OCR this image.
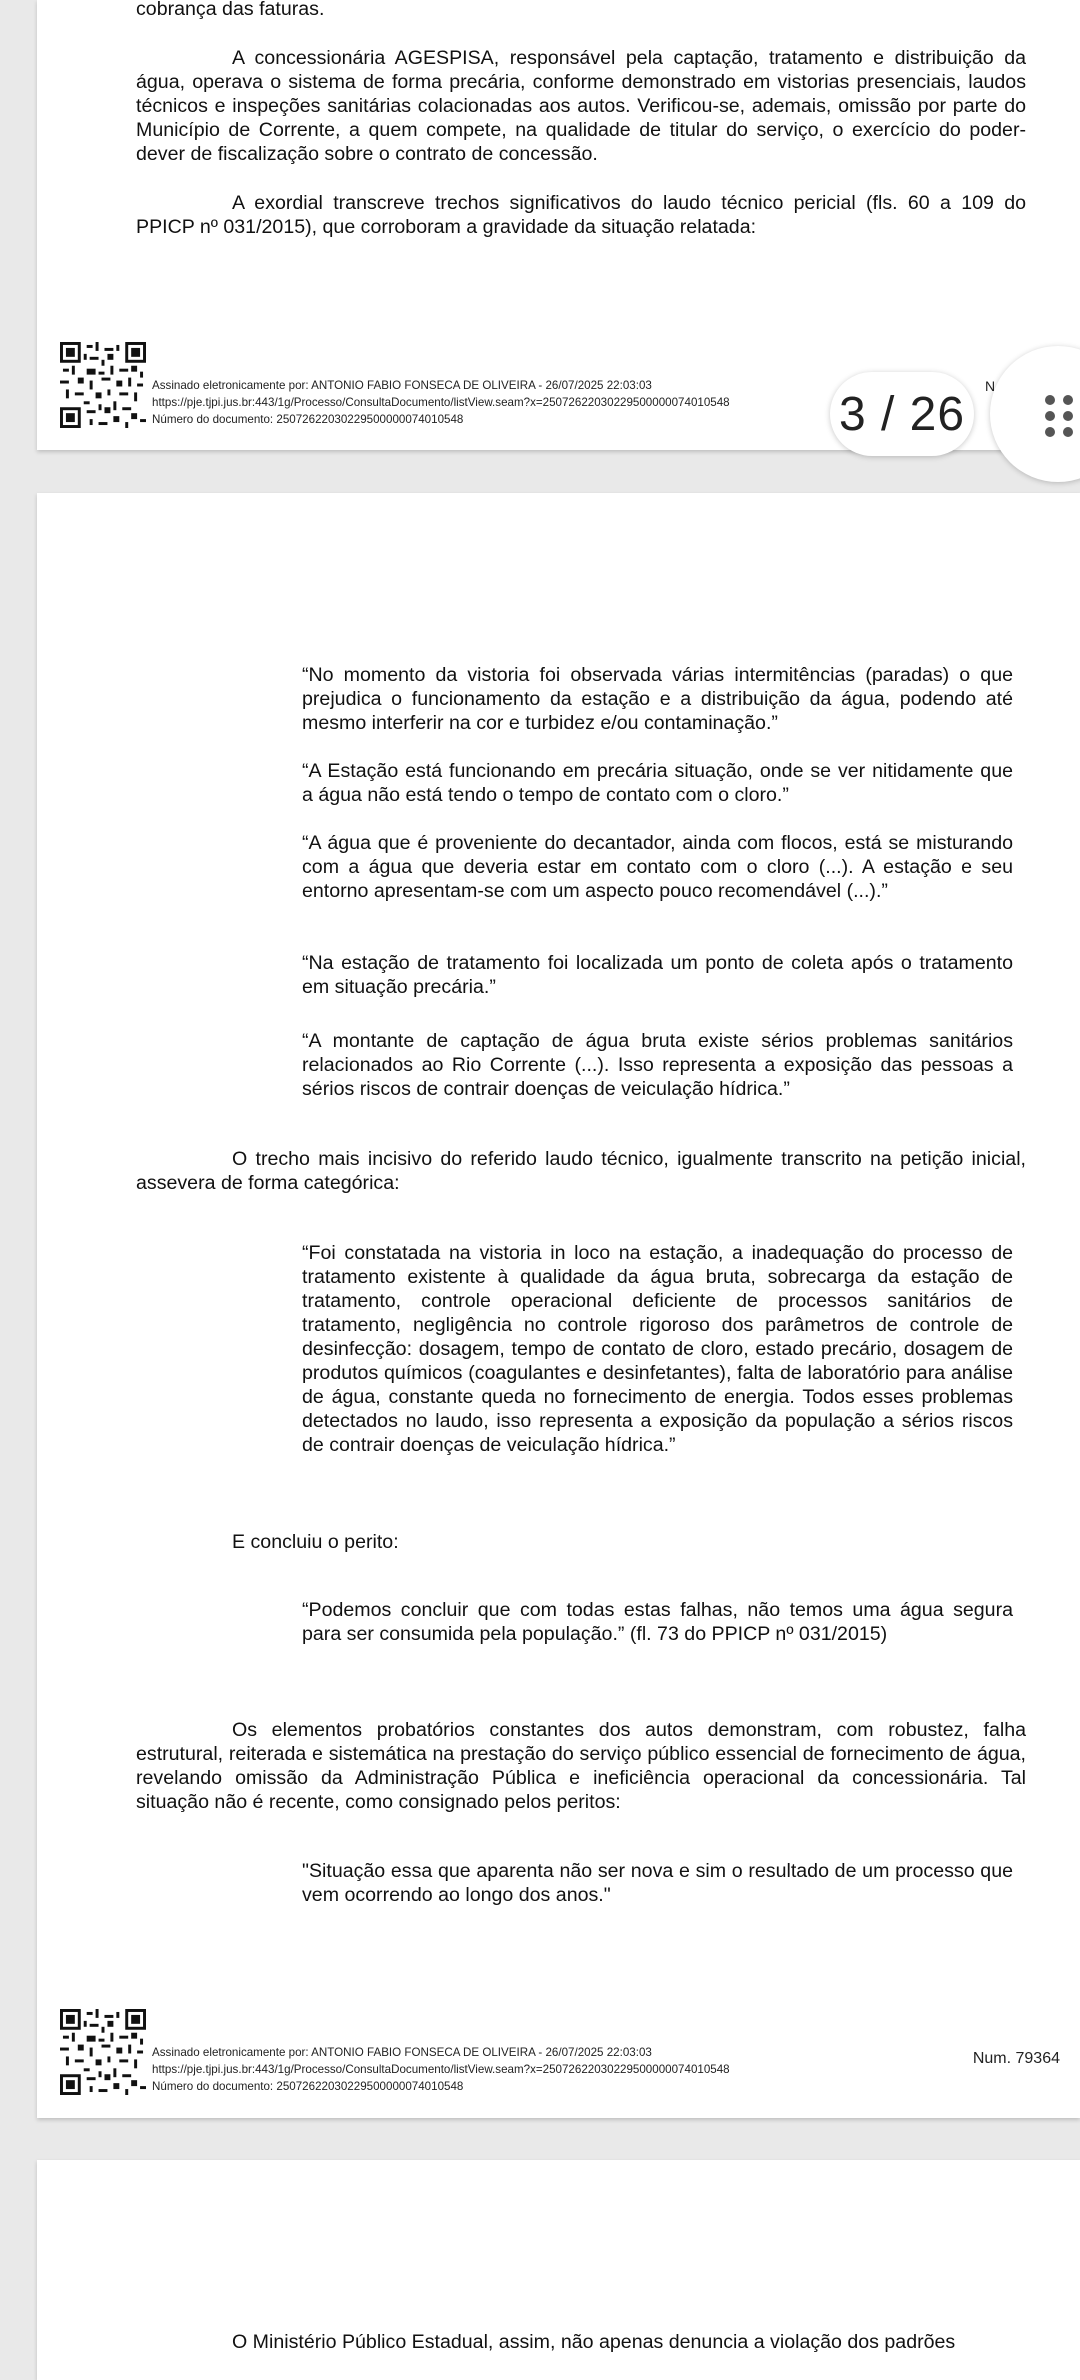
cobrança das faturas.

A concessionária AGESPISA, responsável pela captação, tratamento e distribuição da água, operava o sistema de forma precária, conforme demonstrado em vistorias presenciais, laudos técnicos e inspeções sanitárias colacionadas aos autos. Verificou-se, ademais, omissão por parte do Município de Corrente, a quem compete, na qualidade de titular do serviço, o exercício do poder-dever de fiscalização sobre o contrato de concessão.

A exordial transcreve trechos significativos do laudo técnico pericial (fls. 60 a 109 do PPICP nº 031/2015), que corroboram a gravidade da situação relatada:

Assinado eletronicamente por: ANTONIO FABIO FONSECA DE OLIVEIRA - 26/07/2025 22:03:03
https://pje.tjpi.jus.br:443/1g/Processo/ConsultaDocumento/listView.seam?x=25072622030229500000074010548
Número do documento: 25072622030229500000074010548

“No momento da vistoria foi observada várias intermitências (paradas) o que prejudica o funcionamento da estação e a distribuição da água, podendo até mesmo interferir na cor e turbidez e/ou contaminação.”

“A Estação está funcionando em precária situação, onde se ver nitidamente que a água não está tendo o tempo de contato com o cloro.”

“A água que é proveniente do decantador, ainda com flocos, está se misturando com a água que deveria estar em contato com o cloro (...). A estação e seu entorno apresentam-se com um aspecto pouco recomendável (...).”

“Na estação de tratamento foi localizada um ponto de coleta após o tratamento em situação precária.”

“A montante de captação de água bruta existe sérios problemas sanitários relacionados ao Rio Corrente (...). Isso representa a exposição das pessoas a sérios riscos de contrair doenças de veiculação hídrica.”

O trecho mais incisivo do referido laudo técnico, igualmente transcrito na petição inicial, assevera de forma categórica:

“Foi constatada na vistoria in loco na estação, a inadequação do processo de tratamento existente à qualidade da água bruta, sobrecarga da estação de tratamento, controle operacional deficiente de processos sanitários de tratamento, negligência no controle rigoroso dos parâmetros de controle de desinfecção: dosagem, tempo de contato de cloro, estado precário, dosagem de produtos químicos (coagulantes e desinfetantes), falta de laboratório para análise de água, constante queda no fornecimento de energia. Todos esses problemas detectados no laudo, isso representa a exposição da população a sérios riscos de contrair doenças de veiculação hídrica.”

E concluiu o perito:

“Podemos concluir que com todas estas falhas, não temos uma água segura para ser consumida pela população.” (fl. 73 do PPICP nº 031/2015)

Os elementos probatórios constantes dos autos demonstram, com robustez, falha estrutural, reiterada e sistemática na prestação do serviço público essencial de fornecimento de água, revelando omissão da Administração Pública e ineficiência operacional da concessionária. Tal situação não é recente, como consignado pelos peritos:

"Situação essa que aparenta não ser nova e sim o resultado de um processo que vem ocorrendo ao longo dos anos."

Assinado eletronicamente por: ANTONIO FABIO FONSECA DE OLIVEIRA - 26/07/2025 22:03:03
https://pje.tjpi.jus.br:443/1g/Processo/ConsultaDocumento/listView.seam?x=25072622030229500000074010548
Número do documento: 25072622030229500000074010548
Num. 79364

O Ministério Público Estadual, assim, não apenas denuncia a violação dos padrões

N
3 / 26
